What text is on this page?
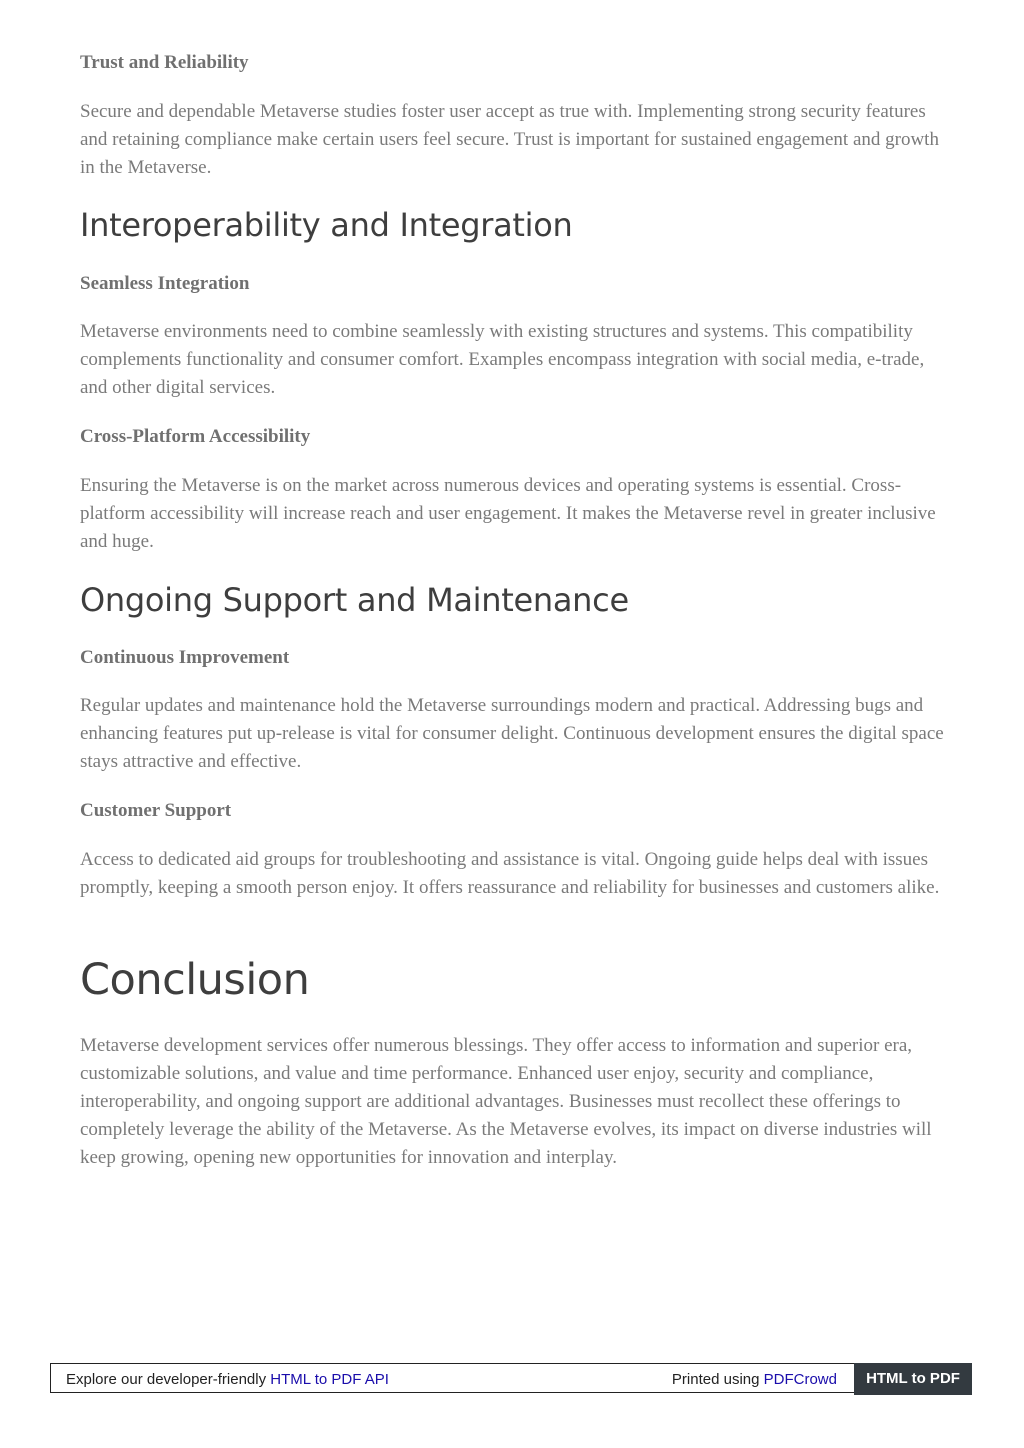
Trust and Reliability

Secure and dependable Metaverse studies foster user accept as true with. Implementing strong security features and retaining compliance make certain users feel secure. Trust is important for sustained engagement and growth in the Metaverse.

Interoperability and Integration
Seamless Integration

Metaverse environments need to combine seamlessly with existing structures and systems. This compatibility complements functionality and consumer comfort. Examples encompass integration with social media, e-trade, and other digital services.

Cross-Platform Accessibility

Ensuring the Metaverse is on the market across numerous devices and operating systems is essential. Cross-platform accessibility will increase reach and user engagement. It makes the Metaverse revel in greater inclusive and huge.

Ongoing Support and Maintenance
Continuous Improvement

Regular updates and maintenance hold the Metaverse surroundings modern and practical. Addressing bugs and enhancing features put up-release is vital for consumer delight. Continuous development ensures the digital space stays attractive and effective.

Customer Support

Access to dedicated aid groups for troubleshooting and assistance is vital. Ongoing guide helps deal with issues promptly, keeping a smooth person enjoy. It offers reassurance and reliability for businesses and customers alike.

Conclusion

Metaverse development services offer numerous blessings. They offer access to information and superior era, customizable solutions, and value and time performance. Enhanced user enjoy, security and compliance, interoperability, and ongoing support are additional advantages. Businesses must recollect these offerings to completely leverage the ability of the Metaverse. As the Metaverse evolves, its impact on diverse industries will keep growing, opening new opportunities for innovation and interplay.

Explore our developer-friendly HTML to PDF API	Printed using PDFCrowd	HTML to PDF
